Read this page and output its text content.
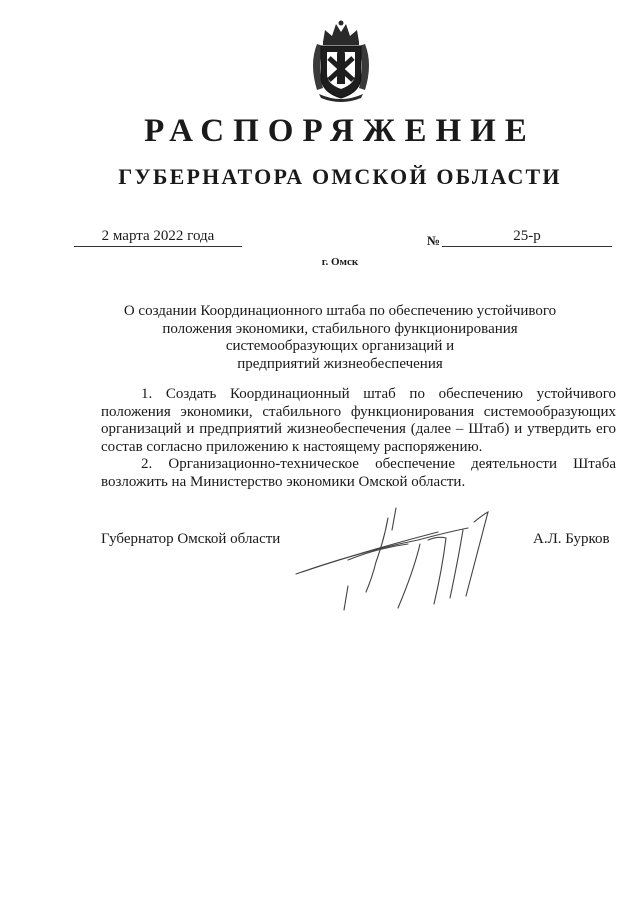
РАСПОРЯЖЕНИЕ
ГУБЕРНАТОРА ОМСКОЙ ОБЛАСТИ
2 марта 2022 года	№	25-р
г. Омск
О создании Координационного штаба по обеспечению устойчивого
положения экономики, стабильного функционирования
системообразующих организаций и
предприятий жизнеобеспечения

1. Создать Координационный штаб по обеспечению устойчивого положения экономики, стабильного функционирования системообразующих организаций и предприятий жизнеобеспечения (далее – Штаб) и утвердить его состав согласно приложению к настоящему распоряжению.

2. Организационно-техническое обеспечение деятельности Штаба возложить на Министерство экономики Омской области.

Губернатор Омской области	А.Л. Бурков
